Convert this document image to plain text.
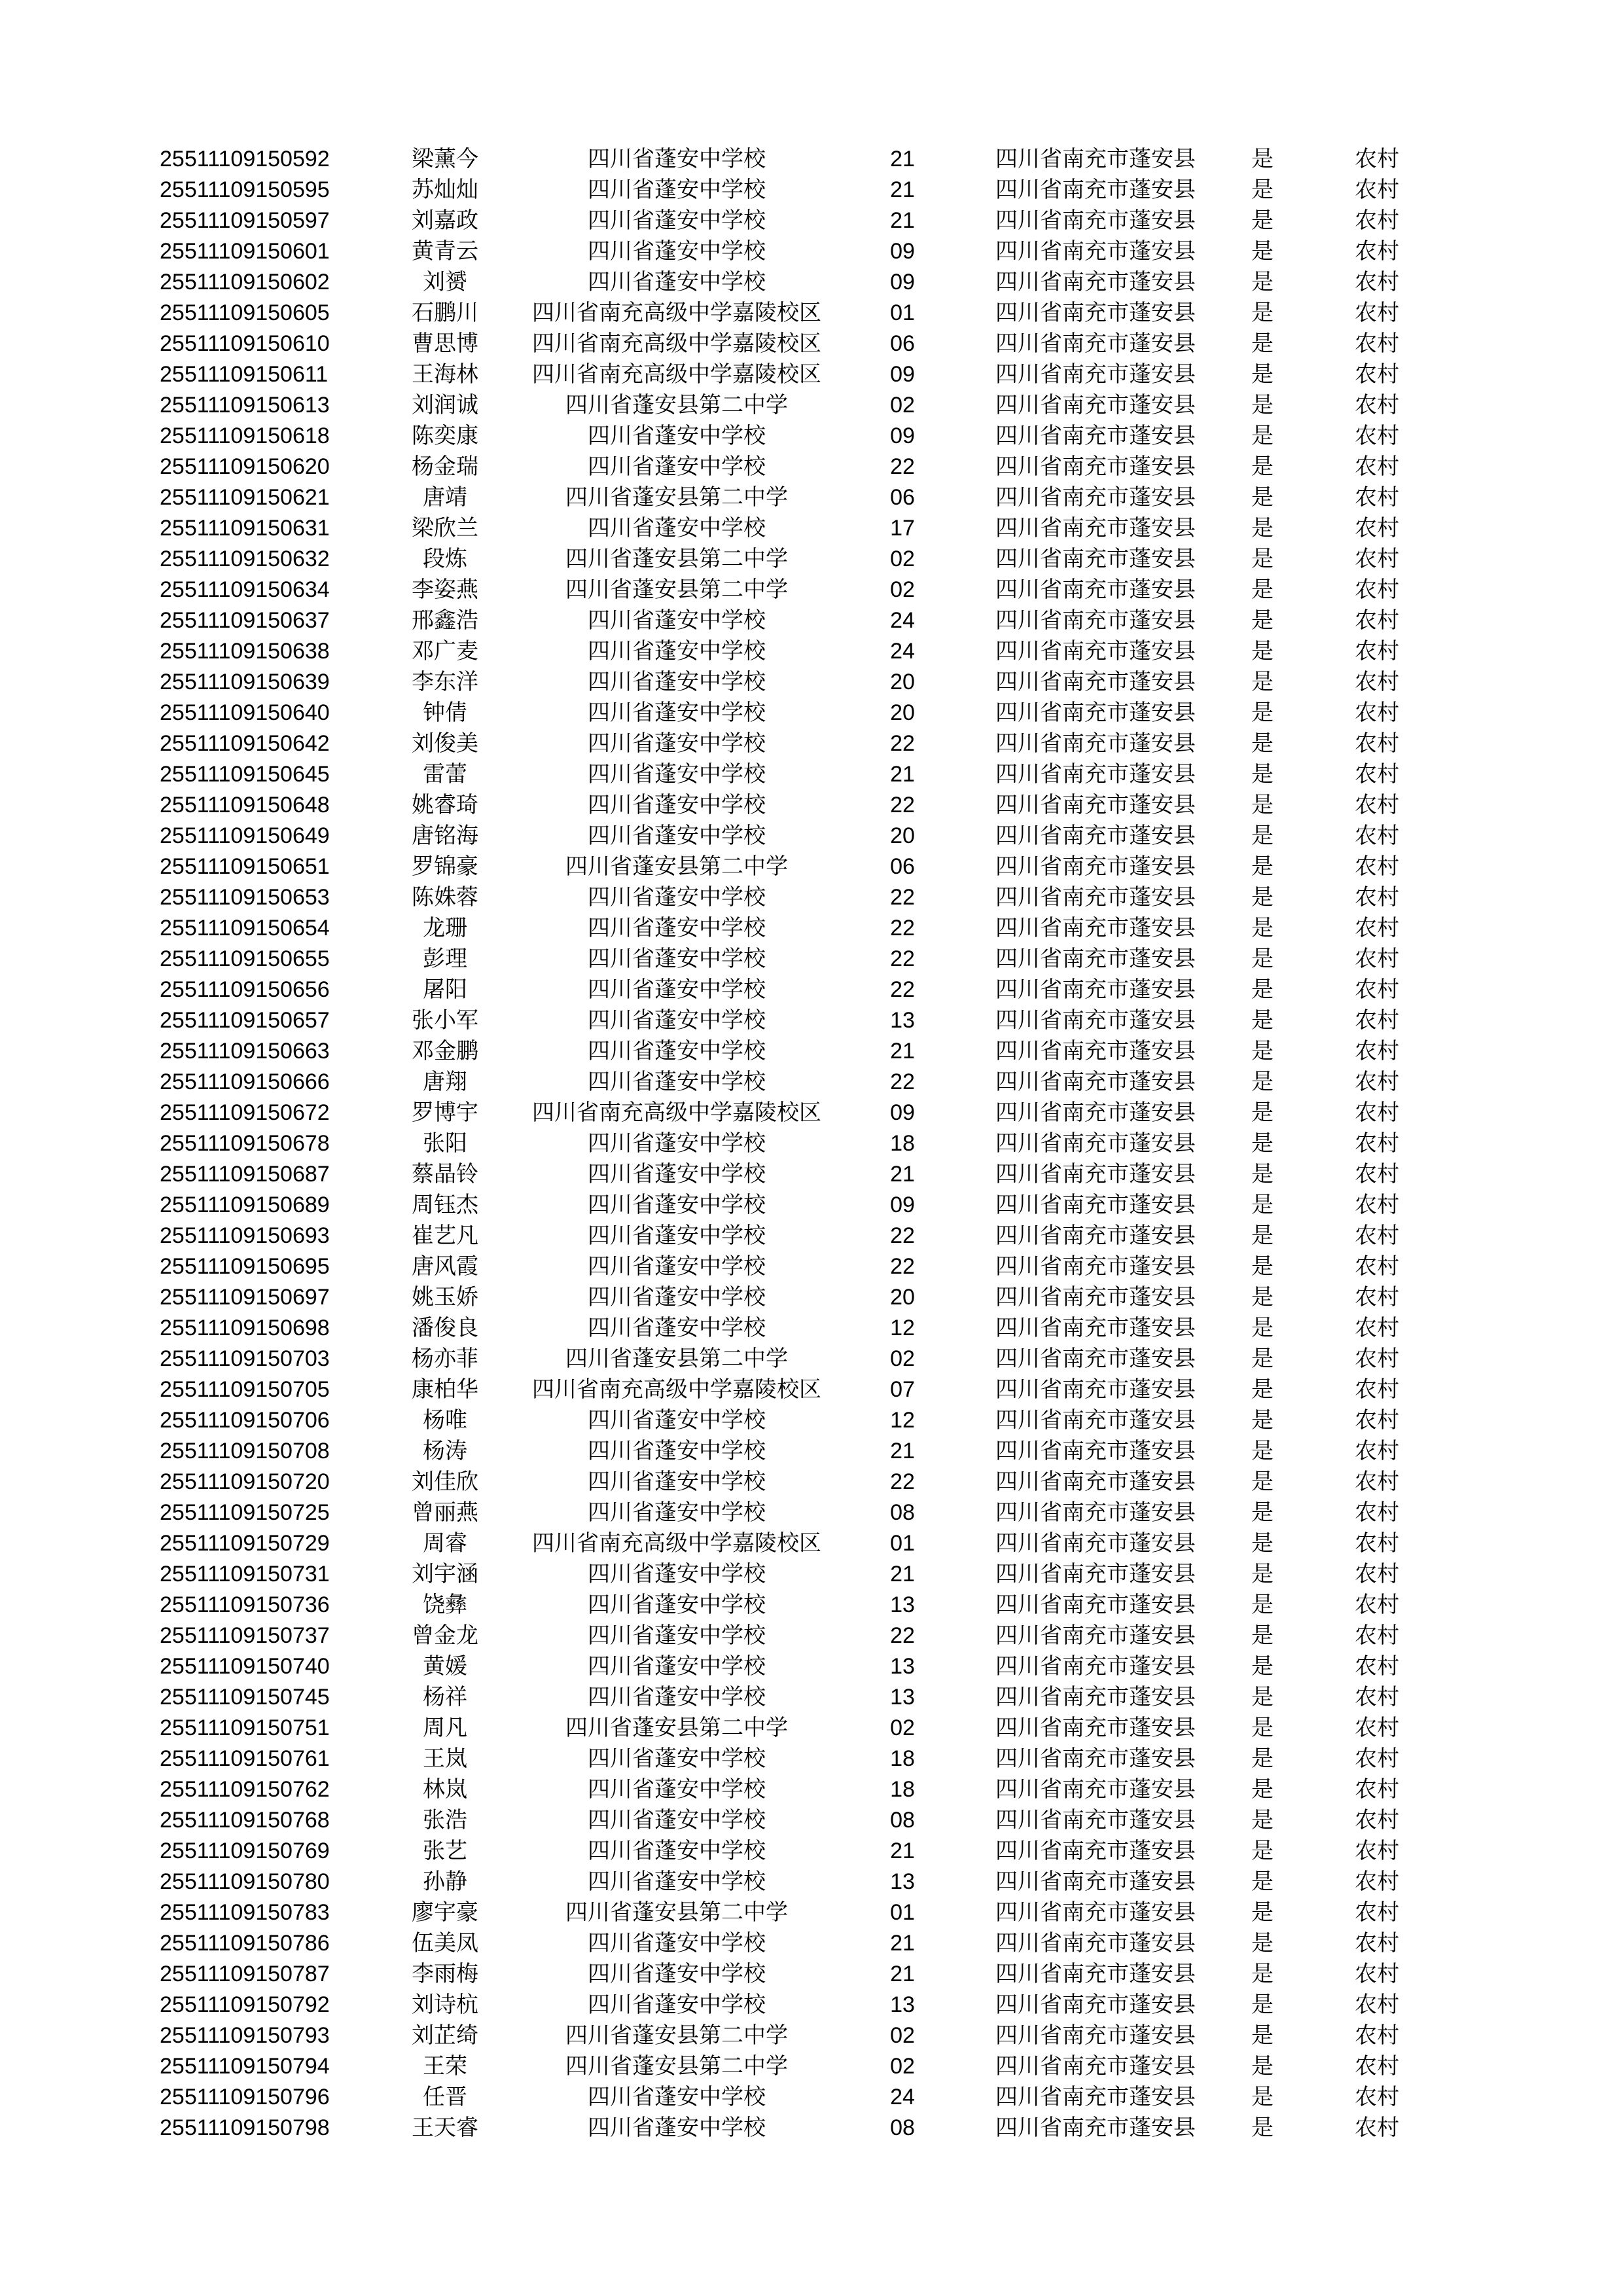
25511109150592	梁薰今	四川省蓬安中学校	21	四川省南充市蓬安县	是	农村
25511109150595	苏灿灿	四川省蓬安中学校	21	四川省南充市蓬安县	是	农村
25511109150597	刘嘉政	四川省蓬安中学校	21	四川省南充市蓬安县	是	农村
25511109150601	黄青云	四川省蓬安中学校	09	四川省南充市蓬安县	是	农村
25511109150602	刘赟	四川省蓬安中学校	09	四川省南充市蓬安县	是	农村
25511109150605	石鹏川	四川省南充高级中学嘉陵校区	01	四川省南充市蓬安县	是	农村
25511109150610	曹思博	四川省南充高级中学嘉陵校区	06	四川省南充市蓬安县	是	农村
25511109150611	王海林	四川省南充高级中学嘉陵校区	09	四川省南充市蓬安县	是	农村
25511109150613	刘润诚	四川省蓬安县第二中学	02	四川省南充市蓬安县	是	农村
25511109150618	陈奕康	四川省蓬安中学校	09	四川省南充市蓬安县	是	农村
25511109150620	杨金瑞	四川省蓬安中学校	22	四川省南充市蓬安县	是	农村
25511109150621	唐靖	四川省蓬安县第二中学	06	四川省南充市蓬安县	是	农村
25511109150631	梁欣兰	四川省蓬安中学校	17	四川省南充市蓬安县	是	农村
25511109150632	段炼	四川省蓬安县第二中学	02	四川省南充市蓬安县	是	农村
25511109150634	李姿燕	四川省蓬安县第二中学	02	四川省南充市蓬安县	是	农村
25511109150637	邢鑫浩	四川省蓬安中学校	24	四川省南充市蓬安县	是	农村
25511109150638	邓广麦	四川省蓬安中学校	24	四川省南充市蓬安县	是	农村
25511109150639	李东洋	四川省蓬安中学校	20	四川省南充市蓬安县	是	农村
25511109150640	钟倩	四川省蓬安中学校	20	四川省南充市蓬安县	是	农村
25511109150642	刘俊美	四川省蓬安中学校	22	四川省南充市蓬安县	是	农村
25511109150645	雷蕾	四川省蓬安中学校	21	四川省南充市蓬安县	是	农村
25511109150648	姚睿琦	四川省蓬安中学校	22	四川省南充市蓬安县	是	农村
25511109150649	唐铭海	四川省蓬安中学校	20	四川省南充市蓬安县	是	农村
25511109150651	罗锦豪	四川省蓬安县第二中学	06	四川省南充市蓬安县	是	农村
25511109150653	陈姝蓉	四川省蓬安中学校	22	四川省南充市蓬安县	是	农村
25511109150654	龙珊	四川省蓬安中学校	22	四川省南充市蓬安县	是	农村
25511109150655	彭理	四川省蓬安中学校	22	四川省南充市蓬安县	是	农村
25511109150656	屠阳	四川省蓬安中学校	22	四川省南充市蓬安县	是	农村
25511109150657	张小军	四川省蓬安中学校	13	四川省南充市蓬安县	是	农村
25511109150663	邓金鹏	四川省蓬安中学校	21	四川省南充市蓬安县	是	农村
25511109150666	唐翔	四川省蓬安中学校	22	四川省南充市蓬安县	是	农村
25511109150672	罗博宇	四川省南充高级中学嘉陵校区	09	四川省南充市蓬安县	是	农村
25511109150678	张阳	四川省蓬安中学校	18	四川省南充市蓬安县	是	农村
25511109150687	蔡晶铃	四川省蓬安中学校	21	四川省南充市蓬安县	是	农村
25511109150689	周钰杰	四川省蓬安中学校	09	四川省南充市蓬安县	是	农村
25511109150693	崔艺凡	四川省蓬安中学校	22	四川省南充市蓬安县	是	农村
25511109150695	唐风霞	四川省蓬安中学校	22	四川省南充市蓬安县	是	农村
25511109150697	姚玉娇	四川省蓬安中学校	20	四川省南充市蓬安县	是	农村
25511109150698	潘俊良	四川省蓬安中学校	12	四川省南充市蓬安县	是	农村
25511109150703	杨亦菲	四川省蓬安县第二中学	02	四川省南充市蓬安县	是	农村
25511109150705	康柏华	四川省南充高级中学嘉陵校区	07	四川省南充市蓬安县	是	农村
25511109150706	杨唯	四川省蓬安中学校	12	四川省南充市蓬安县	是	农村
25511109150708	杨涛	四川省蓬安中学校	21	四川省南充市蓬安县	是	农村
25511109150720	刘佳欣	四川省蓬安中学校	22	四川省南充市蓬安县	是	农村
25511109150725	曾丽燕	四川省蓬安中学校	08	四川省南充市蓬安县	是	农村
25511109150729	周睿	四川省南充高级中学嘉陵校区	01	四川省南充市蓬安县	是	农村
25511109150731	刘宇涵	四川省蓬安中学校	21	四川省南充市蓬安县	是	农村
25511109150736	饶彝	四川省蓬安中学校	13	四川省南充市蓬安县	是	农村
25511109150737	曾金龙	四川省蓬安中学校	22	四川省南充市蓬安县	是	农村
25511109150740	黄媛	四川省蓬安中学校	13	四川省南充市蓬安县	是	农村
25511109150745	杨祥	四川省蓬安中学校	13	四川省南充市蓬安县	是	农村
25511109150751	周凡	四川省蓬安县第二中学	02	四川省南充市蓬安县	是	农村
25511109150761	王岚	四川省蓬安中学校	18	四川省南充市蓬安县	是	农村
25511109150762	林岚	四川省蓬安中学校	18	四川省南充市蓬安县	是	农村
25511109150768	张浩	四川省蓬安中学校	08	四川省南充市蓬安县	是	农村
25511109150769	张艺	四川省蓬安中学校	21	四川省南充市蓬安县	是	农村
25511109150780	孙静	四川省蓬安中学校	13	四川省南充市蓬安县	是	农村
25511109150783	廖宇豪	四川省蓬安县第二中学	01	四川省南充市蓬安县	是	农村
25511109150786	伍美凤	四川省蓬安中学校	21	四川省南充市蓬安县	是	农村
25511109150787	李雨梅	四川省蓬安中学校	21	四川省南充市蓬安县	是	农村
25511109150792	刘诗杭	四川省蓬安中学校	13	四川省南充市蓬安县	是	农村
25511109150793	刘芷绮	四川省蓬安县第二中学	02	四川省南充市蓬安县	是	农村
25511109150794	王荣	四川省蓬安县第二中学	02	四川省南充市蓬安县	是	农村
25511109150796	任晋	四川省蓬安中学校	24	四川省南充市蓬安县	是	农村
25511109150798	王天睿	四川省蓬安中学校	08	四川省南充市蓬安县	是	农村
